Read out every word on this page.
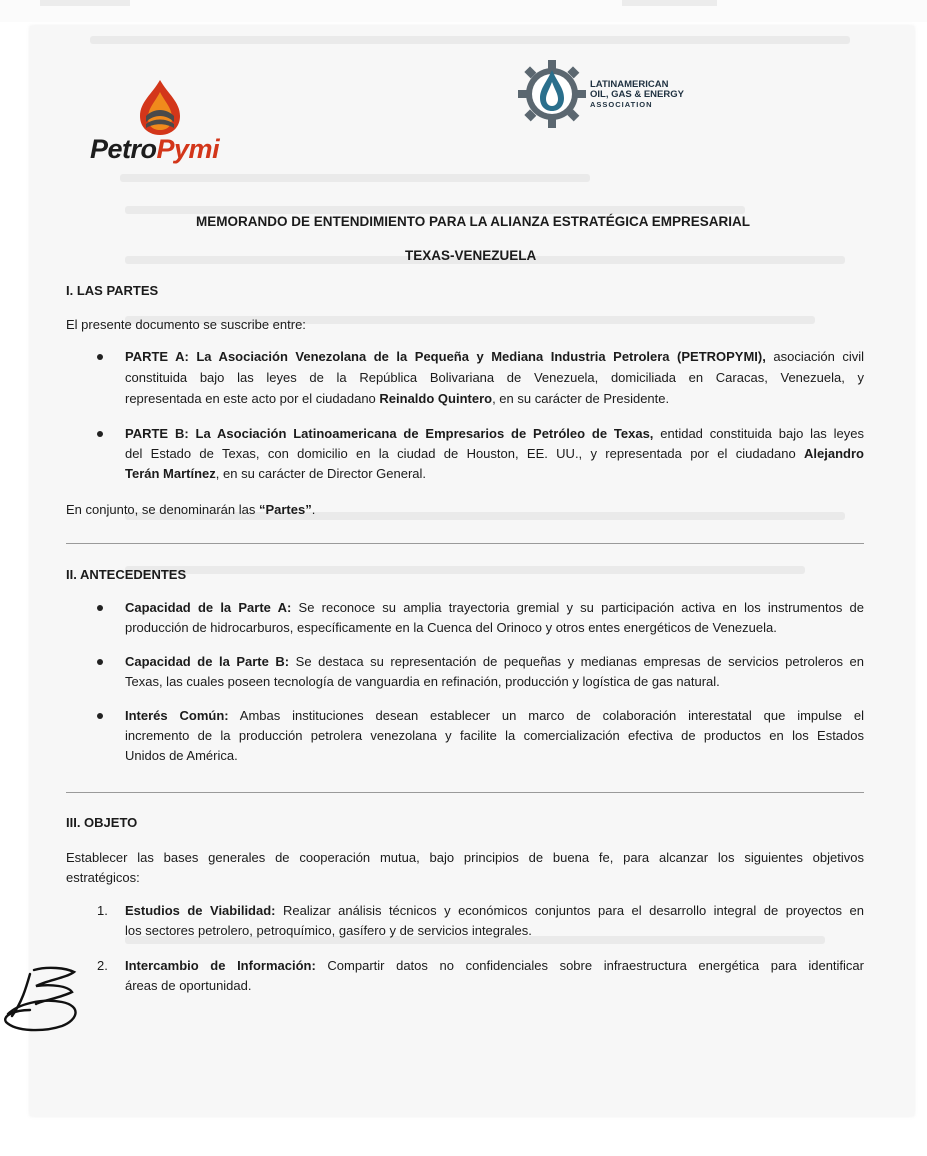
PetroPymi
LATINAMERICAN
OIL, GAS & ENERGY
ASSOCIATION
MEMORANDO DE ENTENDIMIENTO PARA LA ALIANZA ESTRATÉGICA EMPRESARIAL
TEXAS-VENEZUELA
I. LAS PARTES
El presente documento se suscribe entre:
PARTE A: La Asociación Venezolana de la Pequeña y Mediana Industria Petrolera (PETROPYMI), asociación civil
constituida bajo las leyes de la República Bolivariana de Venezuela, domiciliada en Caracas, Venezuela, y
representada en este acto por el ciudadano Reinaldo Quintero, en su carácter de Presidente.
PARTE B: La Asociación Latinoamericana de Empresarios de Petróleo de Texas, entidad constituida bajo las leyes
del Estado de Texas, con domicilio en la ciudad de Houston, EE. UU., y representada por el ciudadano Alejandro
Terán Martínez, en su carácter de Director General.
En conjunto, se denominarán las “Partes”.
II. ANTECEDENTES
Capacidad de la Parte A: Se reconoce su amplia trayectoria gremial y su participación activa en los instrumentos de
producción de hidrocarburos, específicamente en la Cuenca del Orinoco y otros entes energéticos de Venezuela.
Capacidad de la Parte B: Se destaca su representación de pequeñas y medianas empresas de servicios petroleros en
Texas, las cuales poseen tecnología de vanguardia en refinación, producción y logística de gas natural.
Interés Común: Ambas instituciones desean establecer un marco de colaboración interestatal que impulse el
incremento de la producción petrolera venezolana y facilite la comercialización efectiva de productos en los Estados
Unidos de América.
III. OBJETO
Establecer las bases generales de cooperación mutua, bajo principios de buena fe, para alcanzar los siguientes objetivos
estratégicos:
1. Estudios de Viabilidad: Realizar análisis técnicos y económicos conjuntos para el desarrollo integral de proyectos en
los sectores petrolero, petroquímico, gasífero y de servicios integrales.
2. Intercambio de Información: Compartir datos no confidenciales sobre infraestructura energética para identificar
áreas de oportunidad.
